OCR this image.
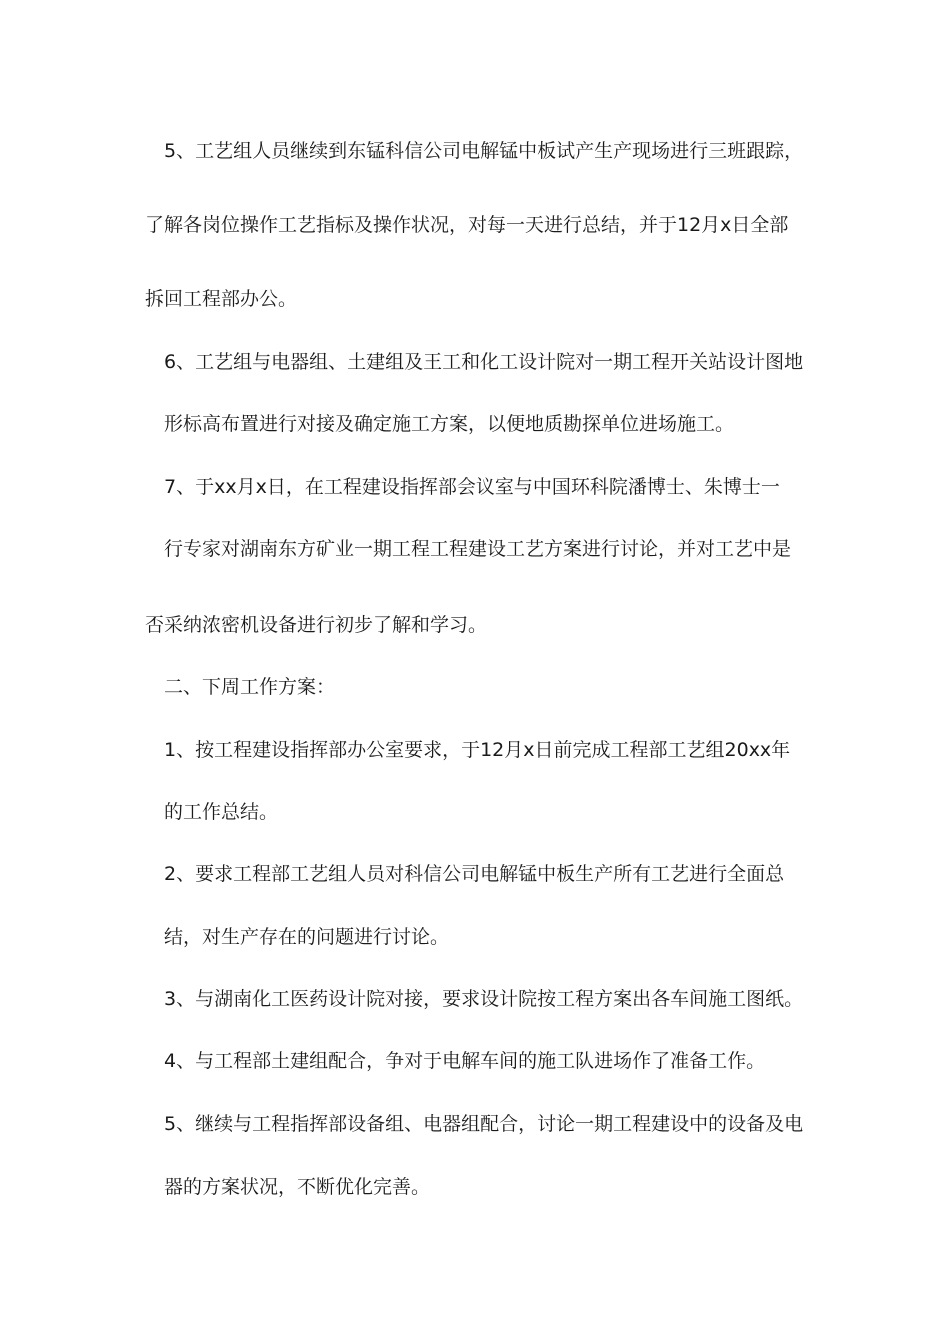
5、工艺组人员继续到东锰科信公司电解锰中板试产生产现场进行三班跟踪，
了解各岗位操作工艺指标及操作状况，对每一天进行总结，并于12月x日全部
拆回工程部办公。
6、工艺组与电器组、土建组及王工和化工设计院对一期工程开关站设计图地
形标高布置进行对接及确定施工方案，以便地质勘探单位进场施工。
7、于xx月x日，在工程建设指挥部会议室与中国环科院潘博士、朱博士一
行专家对湖南东方矿业一期工程工程建设工艺方案进行讨论，并对工艺中是
否采纳浓密机设备进行初步了解和学习。
二、下周工作方案：
1、按工程建设指挥部办公室要求，于12月x日前完成工程部工艺组20xx年
的工作总结。
2、要求工程部工艺组人员对科信公司电解锰中板生产所有工艺进行全面总
结，对生产存在的问题进行讨论。
3、与湖南化工医药设计院对接，要求设计院按工程方案出各车间施工图纸。
4、与工程部土建组配合，争对于电解车间的施工队进场作了准备工作。
5、继续与工程指挥部设备组、电器组配合，讨论一期工程建设中的设备及电
器的方案状况，不断优化完善。
